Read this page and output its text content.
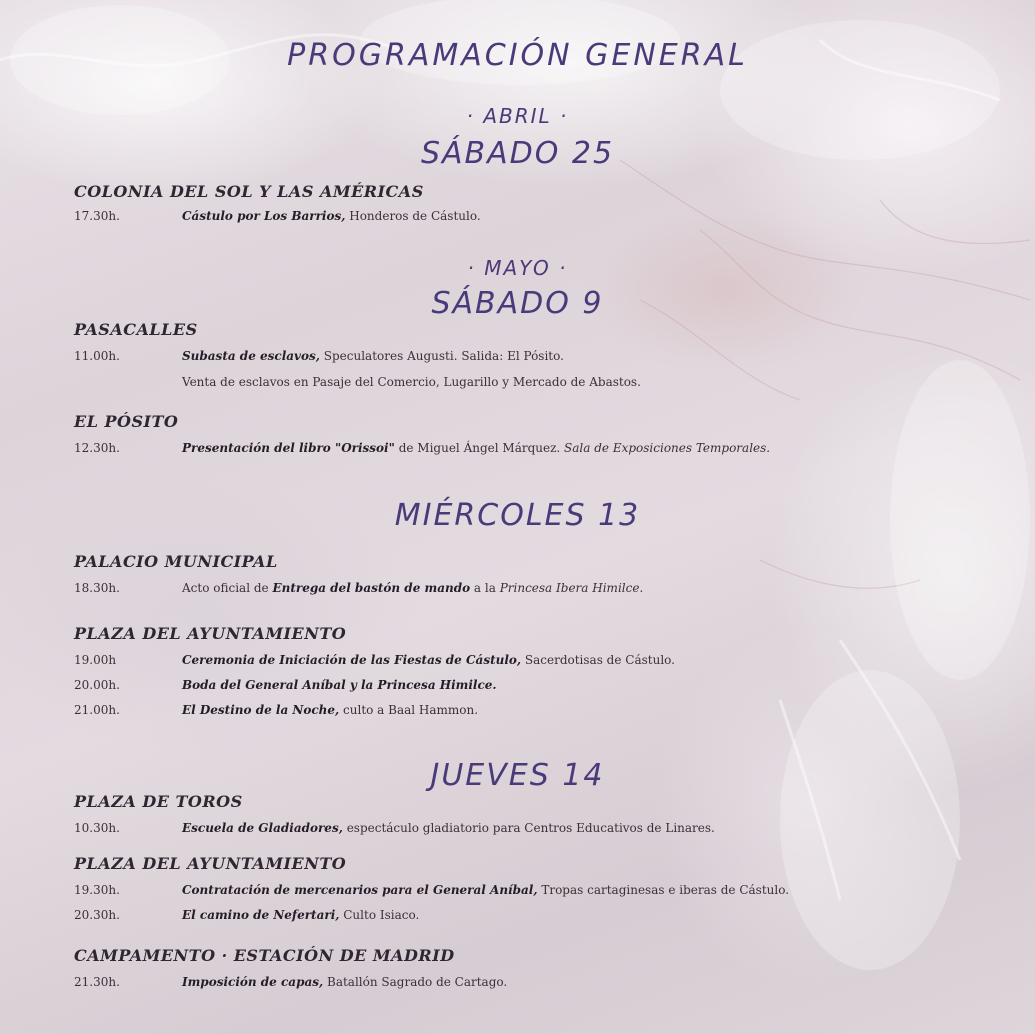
PROGRAMACIÓN GENERAL
· ABRIL ·
SÁBADO 25
COLONIA DEL SOL Y LAS AMÉRICAS
17.30h.	Cástulo por Los Barrios, Honderos de Cástulo.
· MAYO ·
SÁBADO 9
PASACALLES
11.00h.	Subasta de esclavos, Speculatores Augusti. Salida: El Pósito.
Venta de esclavos en Pasaje del Comercio, Lugarillo y Mercado de Abastos.
EL PÓSITO
12.30h.	Presentación del libro "Orissoi" de Miguel Ángel Márquez. Sala de Exposiciones Temporales.
MIÉRCOLES 13
PALACIO MUNICIPAL
18.30h.	Acto oficial de Entrega del bastón de mando a la Princesa Ibera Himilce.
PLAZA DEL AYUNTAMIENTO
19.00h	Ceremonia de Iniciación de las Fiestas de Cástulo, Sacerdotisas de Cástulo.
20.00h.	Boda del General Aníbal y la Princesa Himilce.
21.00h.	El Destino de la Noche, culto a Baal Hammon.
JUEVES 14
PLAZA DE TOROS
10.30h.	Escuela de Gladiadores, espectáculo gladiatorio para Centros Educativos de Linares.
PLAZA DEL AYUNTAMIENTO
19.30h.	Contratación de mercenarios para el General Aníbal, Tropas cartaginesas e iberas de Cástulo.
20.30h.	El camino de Nefertari, Culto Isiaco.
CAMPAMENTO · ESTACIÓN DE MADRID
21.30h.	Imposición de capas, Batallón Sagrado de Cartago.
